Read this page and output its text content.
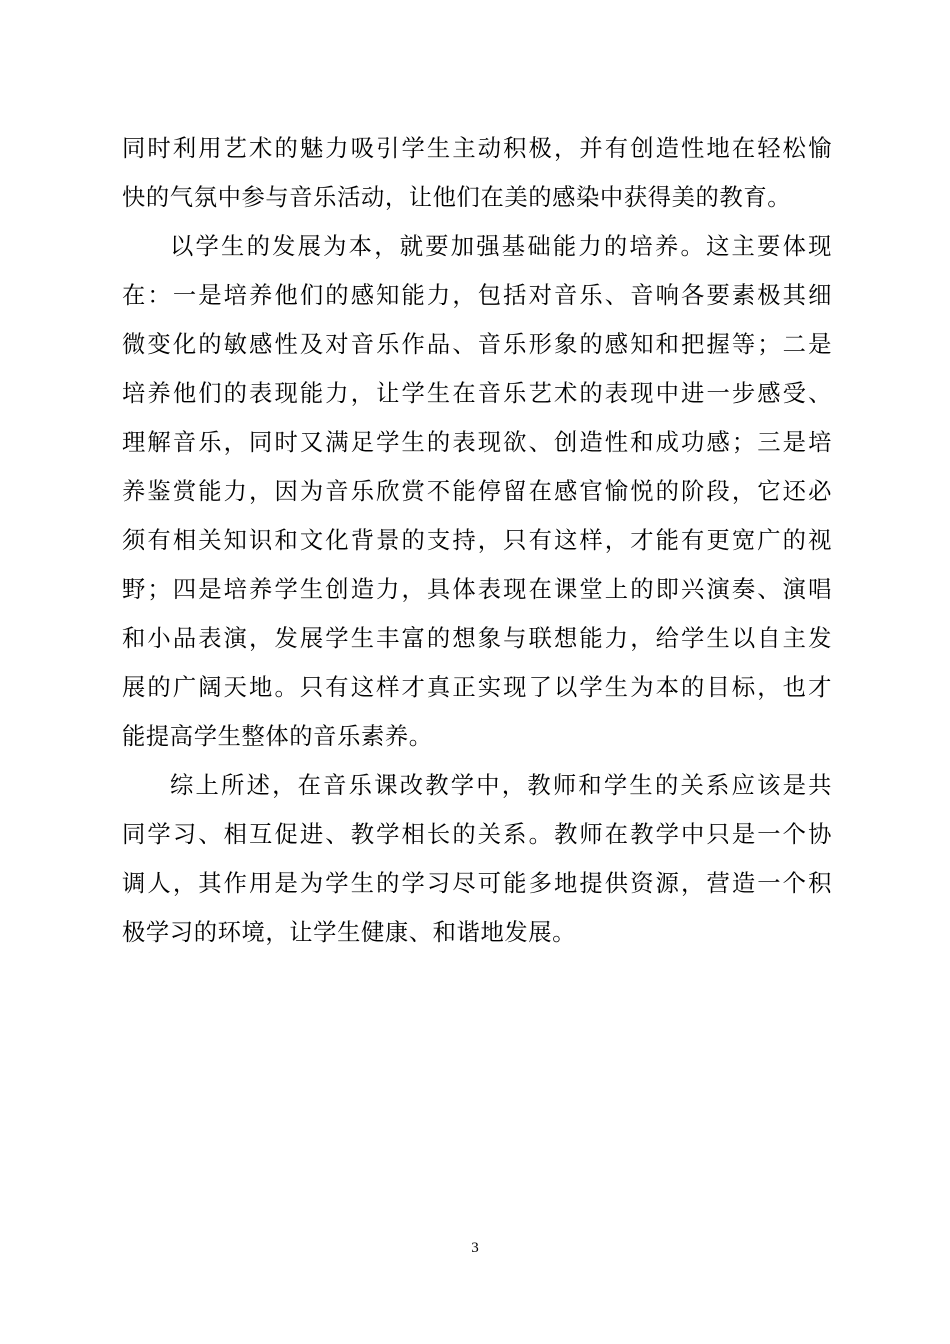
同时利用艺术的魅力吸引学生主动积极，并有创造性地在轻松愉
快的气氛中参与音乐活动，让他们在美的感染中获得美的教育。
以学生的发展为本，就要加强基础能力的培养。这主要体现
在：一是培养他们的感知能力，包括对音乐、音响各要素极其细
微变化的敏感性及对音乐作品、音乐形象的感知和把握等；二是
培养他们的表现能力，让学生在音乐艺术的表现中进一步感受、
理解音乐，同时又满足学生的表现欲、创造性和成功感；三是培
养鉴赏能力，因为音乐欣赏不能停留在感官愉悦的阶段，它还必
须有相关知识和文化背景的支持，只有这样，才能有更宽广的视
野；四是培养学生创造力，具体表现在课堂上的即兴演奏、演唱
和小品表演，发展学生丰富的想象与联想能力，给学生以自主发
展的广阔天地。只有这样才真正实现了以学生为本的目标，也才
能提高学生整体的音乐素养。
综上所述，在音乐课改教学中，教师和学生的关系应该是共
同学习、相互促进、教学相长的关系。教师在教学中只是一个协
调人，其作用是为学生的学习尽可能多地提供资源，营造一个积
极学习的环境，让学生健康、和谐地发展。
3
